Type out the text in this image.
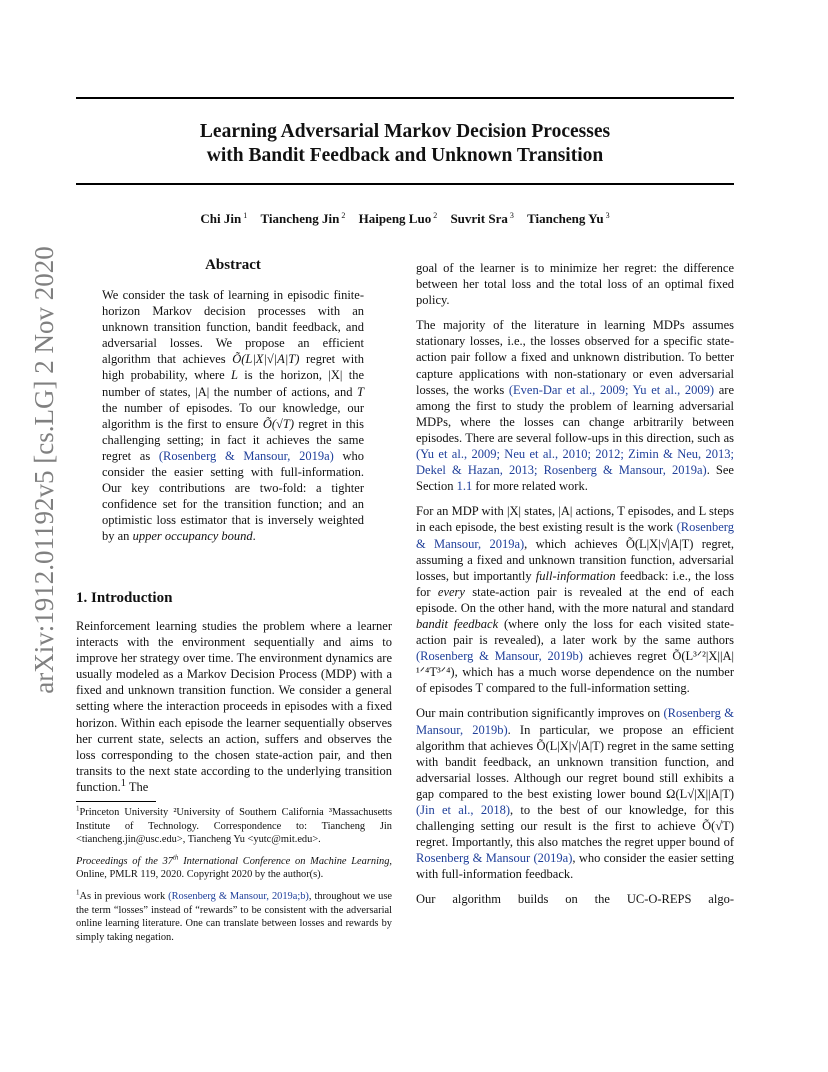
Learning Adversarial Markov Decision Processes
with Bandit Feedback and Unknown Transition
Chi Jin $^1$ Tiancheng Jin $^2$ Haipeng Luo $^2$ Suvrit Sra $^3$ Tiancheng Yu $^3$
arXiv:1912.01192v5 [cs.LG] 2 Nov 2020	Abstract

We consider the task of learning in episodic finite-horizon Markov decision processes with an unknown transition function, bandit feedback, and adversarial losses. We propose an efficient algorithm that achieves Õ(L|X|√|A|T) regret with high probability, where L is the horizon, |X| the number of states, |A| the number of actions, and T the number of episodes. To our knowledge, our algorithm is the first to ensure Õ(√T) regret in this challenging setting; in fact it achieves the same regret as (Rosenberg & Mansour, 2019a) who consider the easier setting with full-information. Our key contributions are two-fold: a tighter confidence set for the transition function; and an optimistic loss estimator that is inversely weighted by an upper occupancy bound.

1. Introduction

Reinforcement learning studies the problem where a learner interacts with the environment sequentially and aims to improve her strategy over time. The environment dynamics are usually modeled as a Markov Decision Process (MDP) with a fixed and unknown transition function. We consider a general setting where the interaction proceeds in episodes with a fixed horizon. Within each episode the learner sequentially observes her current state, selects an action, suffers and observes the loss corresponding to the chosen state-action pair, and then transits to the next state according to the underlying transition function.$^1$ The

$^1$Princeton University ²University of Southern California ³Massachusetts Institute of Technology. Correspondence to: Tiancheng Jin <tiancheng.jin@usc.edu>, Tiancheng Yu <yutc@mit.edu>.

Proceedings of the 37th International Conference on Machine Learning, Online, PMLR 119, 2020. Copyright 2020 by the author(s).

$^1$As in previous work (Rosenberg & Mansour, 2019a;b), throughout we use the term “losses” instead of “rewards” to be consistent with the adversarial online learning literature. One can translate between losses and rewards by simply taking negation.

goal of the learner is to minimize her regret: the difference between her total loss and the total loss of an optimal fixed policy.

The majority of the literature in learning MDPs assumes stationary losses, i.e., the losses observed for a specific state-action pair follow a fixed and unknown distribution. To better capture applications with non-stationary or even adversarial losses, the works (Even-Dar et al., 2009; Yu et al., 2009) are among the first to study the problem of learning adversarial MDPs, where the losses can change arbitrarily between episodes. There are several follow-ups in this direction, such as (Yu et al., 2009; Neu et al., 2010; 2012; Zimin & Neu, 2013; Dekel & Hazan, 2013; Rosenberg & Mansour, 2019a). See Section 1.1 for more related work.

For an MDP with |X| states, |A| actions, T episodes, and L steps in each episode, the best existing result is the work (Rosenberg & Mansour, 2019a), which achieves Õ(L|X|√|A|T) regret, assuming a fixed and unknown transition function, adversarial losses, but importantly full-information feedback: i.e., the loss for every state-action pair is revealed at the end of each episode. On the other hand, with the more natural and standard bandit feedback (where only the loss for each visited state-action pair is revealed), a later work by the same authors (Rosenberg & Mansour, 2019b) achieves regret Õ(L³ᐟ²|X||A|¹ᐟ⁴T³ᐟ⁴), which has a much worse dependence on the number of episodes T compared to the full-information setting.

Our main contribution significantly improves on (Rosenberg & Mansour, 2019b). In particular, we propose an efficient algorithm that achieves Õ(L|X|√|A|T) regret in the same setting with bandit feedback, an unknown transition function, and adversarial losses. Although our regret bound still exhibits a gap compared to the best existing lower bound Ω(L√|X||A|T) (Jin et al., 2018), to the best of our knowledge, for this challenging setting our result is the first to achieve Õ(√T) regret. Importantly, this also matches the regret upper bound of Rosenberg & Mansour (2019a), who consider the easier setting with full-information feedback.

Our algorithm builds on the UC-O-REPS algo-
